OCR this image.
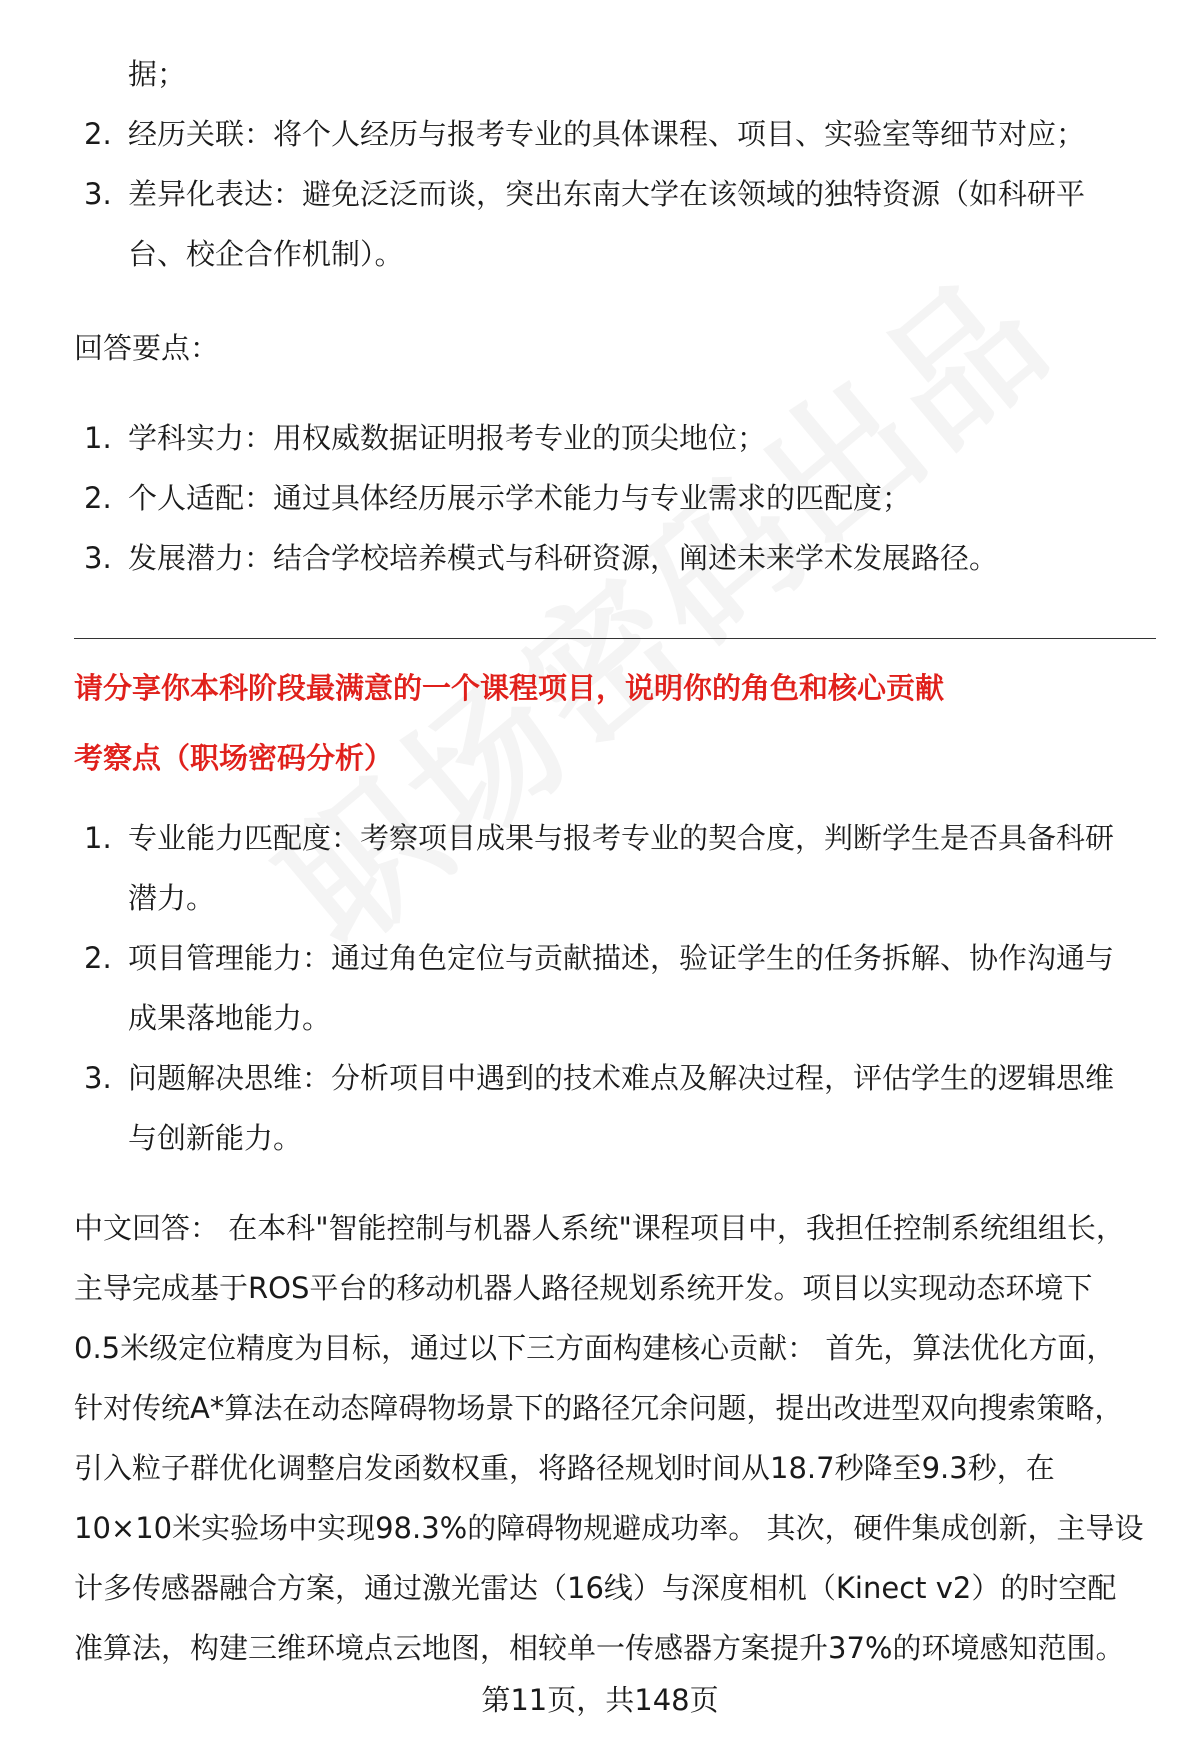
据；
2. 经历关联：将个人经历与报考专业的具体课程、项目、实验室等细节对应；
3. 差异化表达：避免泛泛而谈，突出东南大学在该领域的独特资源（如科研平
台、校企合作机制）。
回答要点：
1. 学科实力：用权威数据证明报考专业的顶尖地位；
2. 个人适配：通过具体经历展示学术能力与专业需求的匹配度；
3. 发展潜力：结合学校培养模式与科研资源，阐述未来学术发展路径。
请分享你本科阶段最满意的一个课程项目，说明你的角色和核心贡献
考察点（职场密码分析）
1. 专业能力匹配度：考察项目成果与报考专业的契合度，判断学生是否具备科研
潜力。
2. 项目管理能力：通过角色定位与贡献描述，验证学生的任务拆解、协作沟通与
成果落地能力。
3. 问题解决思维：分析项目中遇到的技术难点及解决过程，评估学生的逻辑思维
与创新能力。
中文回答： 在本科"智能控制与机器人系统"课程项目中，我担任控制系统组组长，
主导完成基于ROS平台的移动机器人路径规划系统开发。项目以实现动态环境下
0.5米级定位精度为目标，通过以下三方面构建核心贡献： 首先，算法优化方面，
针对传统A*算法在动态障碍物场景下的路径冗余问题，提出改进型双向搜索策略，
引入粒子群优化调整启发函数权重，将路径规划时间从18.7秒降至9.3秒，在
10×10米实验场中实现98.3%的障碍物规避成功率。 其次，硬件集成创新，主导设
计多传感器融合方案，通过激光雷达（16线）与深度相机（Kinect v2）的时空配
准算法，构建三维环境点云地图，相较单一传感器方案提升37%的环境感知范围。
第11页，共148页
